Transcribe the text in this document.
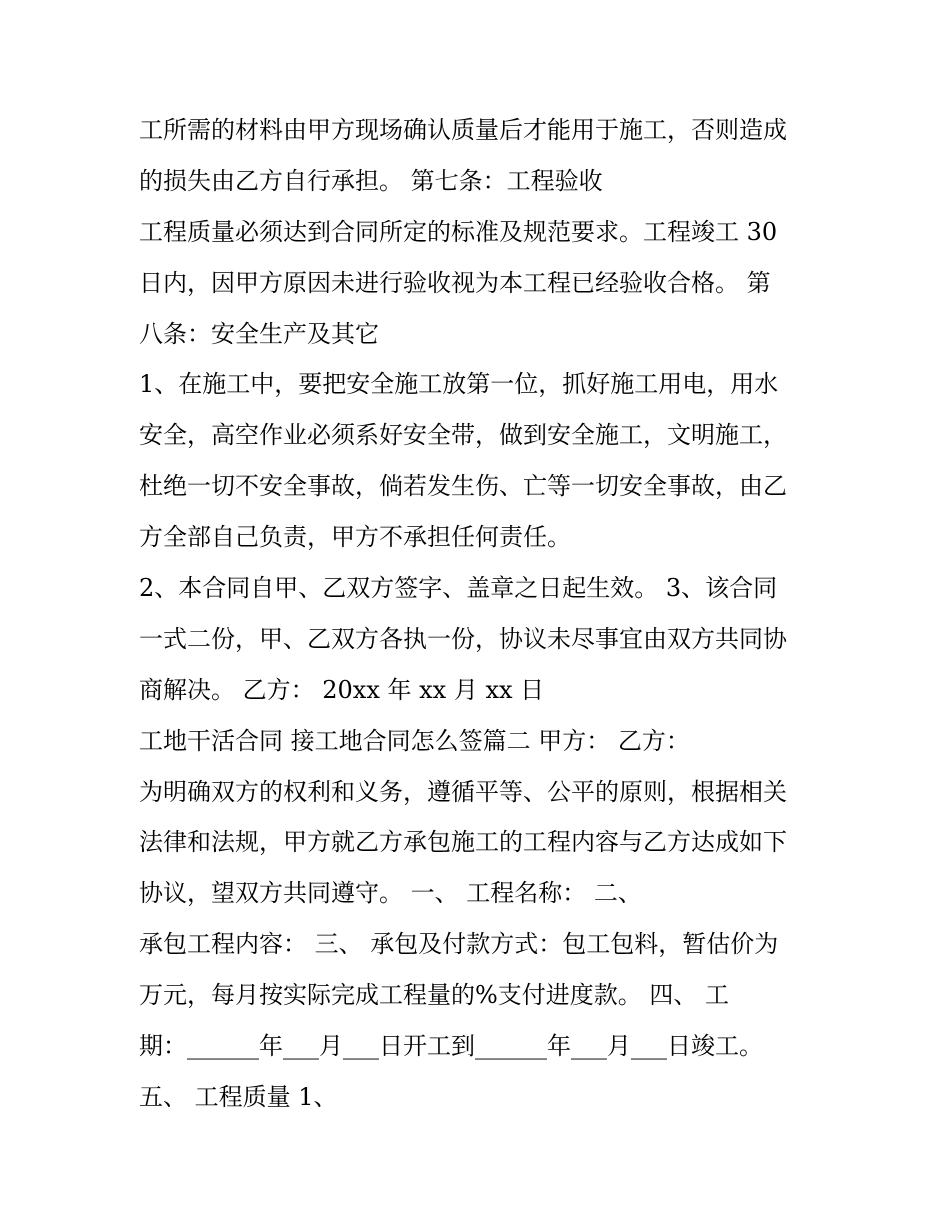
工所需的材料由甲方现场确认质量后才能用于施工，否则造成
的损失由乙方自行承担。 第七条：工程验收
工程质量必须达到合同所定的标准及规范要求。工程竣工 30
日内，因甲方原因未进行验收视为本工程已经验收合格。 第
八条：安全生产及其它
1、在施工中，要把安全施工放第一位，抓好施工用电，用水
安全，高空作业必须系好安全带，做到安全施工，文明施工，
杜绝一切不安全事故，倘若发生伤、亡等一切安全事故，由乙
方全部自己负责，甲方不承担任何责任。
2、本合同自甲、乙双方签字、盖章之日起生效。 3、该合同
一式二份，甲、乙双方各执一份，协议未尽事宜由双方共同协
商解决。 乙方： 20xx 年 xx 月 xx 日
工地干活合同 接工地合同怎么签篇二 甲方： 乙方：
为明确双方的权利和义务，遵循平等、公平的原则，根据相关
法律和法规，甲方就乙方承包施工的工程内容与乙方达成如下
协议，望双方共同遵守。 一、 工程名称： 二、
承包工程内容： 三、 承包及付款方式：包工包料，暂估价为
万元，每月按实际完成工程量的%支付进度款。 四、 工
期：______年___月___日开工到______年___月___日竣工。
五、 工程质量 1、
